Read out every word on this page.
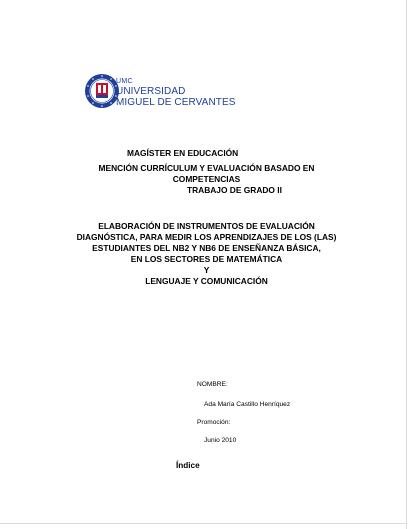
UMC
UNIVERSIDAD
MIGUEL DE CERVANTES
MAGÍSTER EN EDUCACIÓN
MENCIÓN CURRÍCULUM Y EVALUACIÓN BASADO EN
COMPETENCIAS
TRABAJO DE GRADO II
ELABORACIÓN DE INSTRUMENTOS DE EVALUACIÓN
DIAGNÓSTICA, PARA MEDIR LOS APRENDIZAJES DE LOS (LAS)
ESTUDIANTES DEL NB2 Y NB6 DE ENSEÑANZA BÁSICA,
EN LOS SECTORES DE MATEMÁTICA
Y
LENGUAJE Y COMUNICACIÓN
NOMBRE:
Ada María Castillo Henríquez
Promoción:
Junio 2010
Índice
